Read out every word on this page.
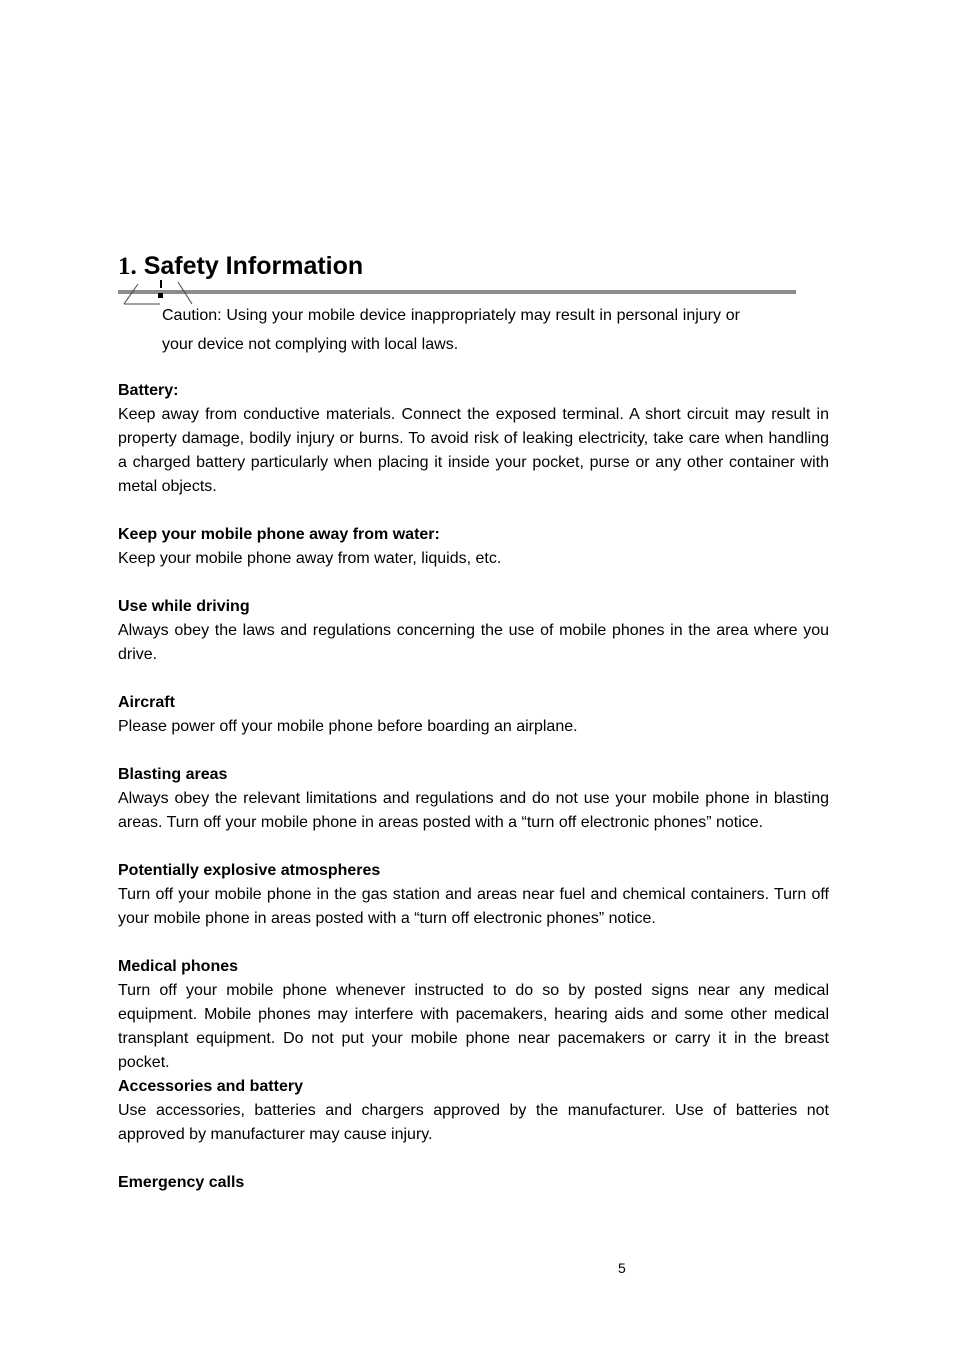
1. Safety Information

Caution: Using your mobile device inappropriately may result in personal injury or your device not complying with local laws.

Battery:

Keep away from conductive materials. Connect the exposed terminal. A short circuit may result in property damage, bodily injury or burns. To avoid risk of leaking electricity, take care when handling a charged battery particularly when placing it inside your pocket, purse or any other container with metal objects.

Keep your mobile phone away from water:

Keep your mobile phone away from water, liquids, etc.

Use while driving

Always obey the laws and regulations concerning the use of mobile phones in the area where you drive.

Aircraft

Please power off your mobile phone before boarding an airplane.

Blasting areas

Always obey the relevant limitations and regulations and do not use your mobile phone in blasting areas. Turn off your mobile phone in areas posted with a “turn off electronic phones” notice.

Potentially explosive atmospheres

Turn off your mobile phone in the gas station and areas near fuel and chemical containers. Turn off your mobile phone in areas posted with a “turn off electronic phones” notice.

Medical phones

Turn off your mobile phone whenever instructed to do so by posted signs near any medical equipment. Mobile phones may interfere with pacemakers, hearing aids and some other medical transplant equipment. Do not put your mobile phone near pacemakers or carry it in the breast pocket.

Accessories and battery

Use accessories, batteries and chargers approved by the manufacturer. Use of batteries not approved by manufacturer may cause injury.

Emergency calls

5
